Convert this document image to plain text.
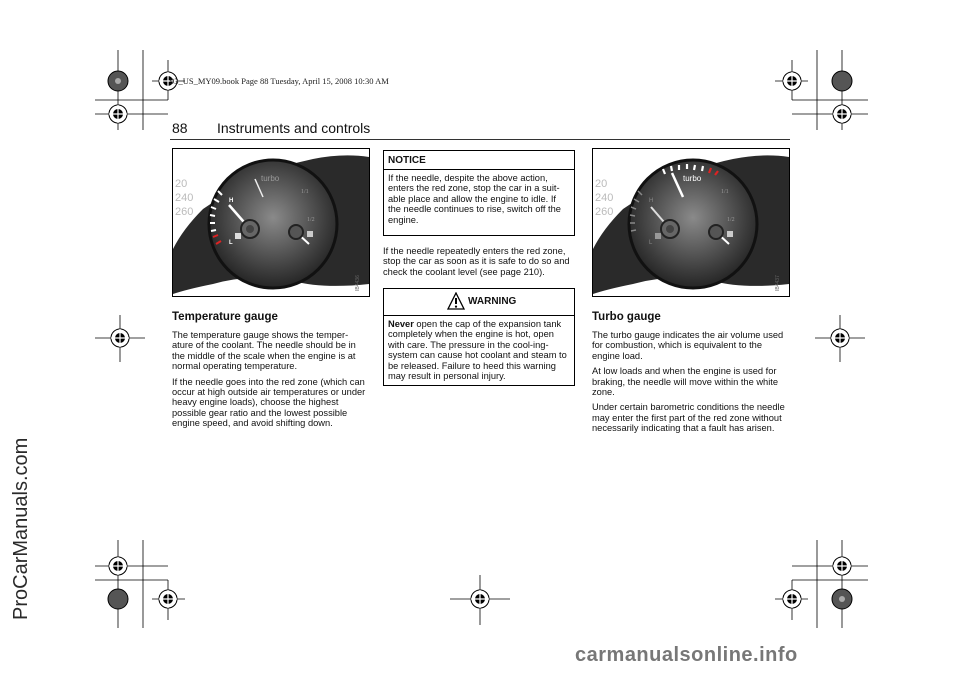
93_US_MY09.book Page 88 Tuesday, April 15, 2008 10:30 AM
ProCarManuals.com
88 Instruments and controls
20
240
260
turbo
H
L
1/1
1/2
IB4436
Temperature gauge

The temperature gauge shows the temper-ature of the coolant. The needle should be in the middle of the scale when the engine is at normal operating temperature.

If the needle goes into the red zone (which can occur at high outside air temperatures or under heavy engine loads), choose the highest possible gear ratio and the lowest possible engine speed, and avoid shifting down.

NOTICE
If the needle, despite the above action, enters the red zone, stop the car in a suit-able place and allow the engine to idle. If the needle continues to rise, switch off the engine.

If the needle repeatedly enters the red zone, stop the car as soon as it is safe to do so and check the coolant level (see page 210).

WARNING
Never open the cap of the expansion tank completely when the engine is hot, open with care. The pressure in the cool-ing-system can cause hot coolant and steam to be released. Failure to heed this warning may result in personal injury.
20
240
260
turbo
H
L
1/1
1/2
IB4437
Turbo gauge

The turbo gauge indicates the air volume used for combustion, which is equivalent to the engine load.

At low loads and when the engine is used for braking, the needle will move within the white zone.

Under certain barometric conditions the needle may enter the first part of the red zone without necessarily indicating that a fault has arisen.

carmanualsonline.info
